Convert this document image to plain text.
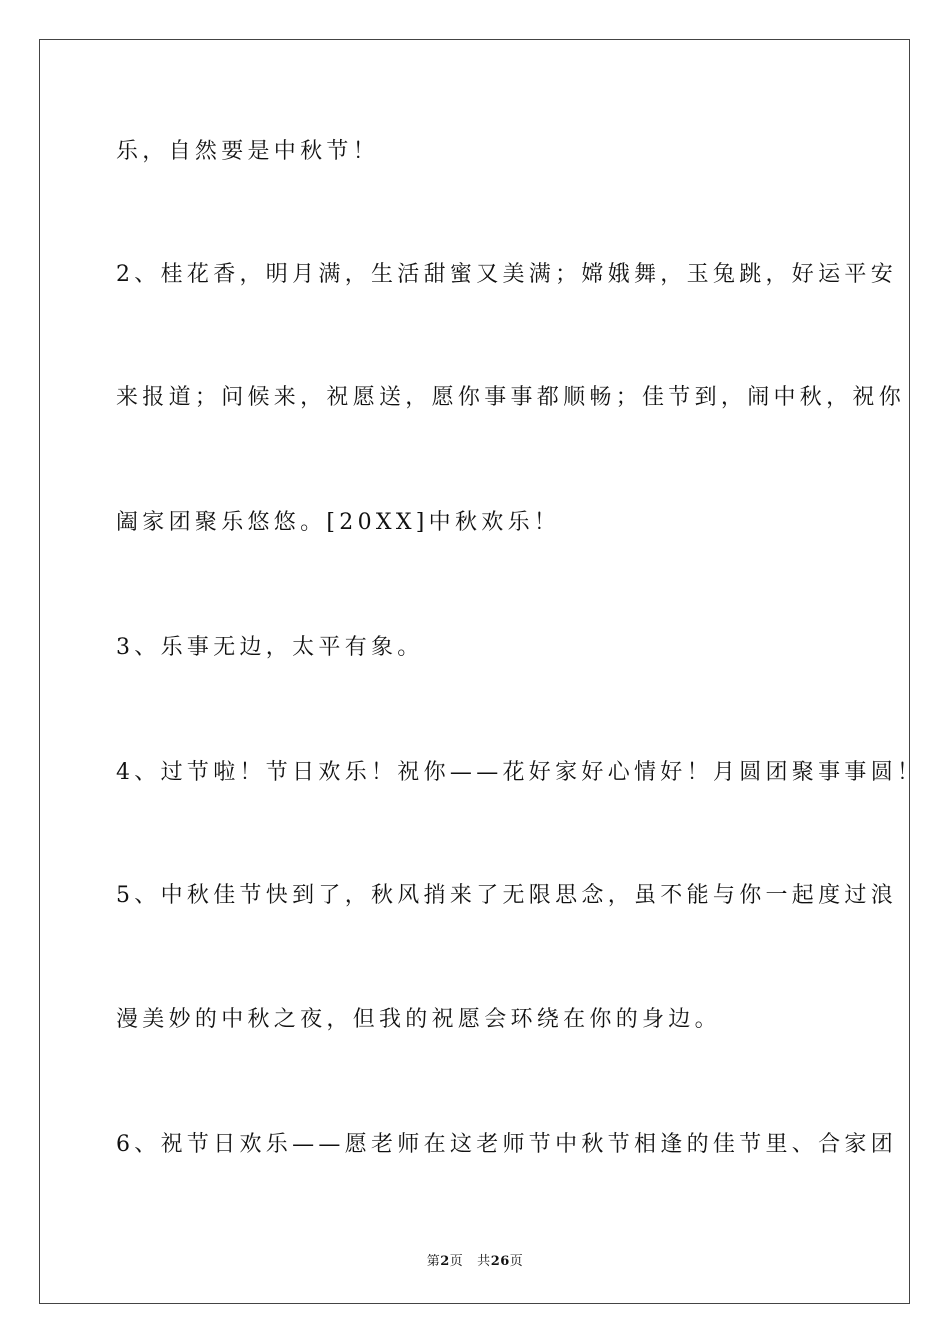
乐，自然要是中秋节！
2、桂花香，明月满，生活甜蜜又美满；嫦娥舞，玉兔跳，好运平安
来报道；问候来，祝愿送，愿你事事都顺畅；佳节到，闹中秋，祝你
阖家团聚乐悠悠。[20XX]中秋欢乐！
3、乐事无边，太平有象。
4、过节啦！节日欢乐！祝你——花好家好心情好！月圆团聚事事圆！
5、中秋佳节快到了，秋风捎来了无限思念，虽不能与你一起度过浪
漫美妙的中秋之夜，但我的祝愿会环绕在你的身边。
6、祝节日欢乐——愿老师在这老师节中秋节相逢的佳节里、合家团
第2页 共26页
